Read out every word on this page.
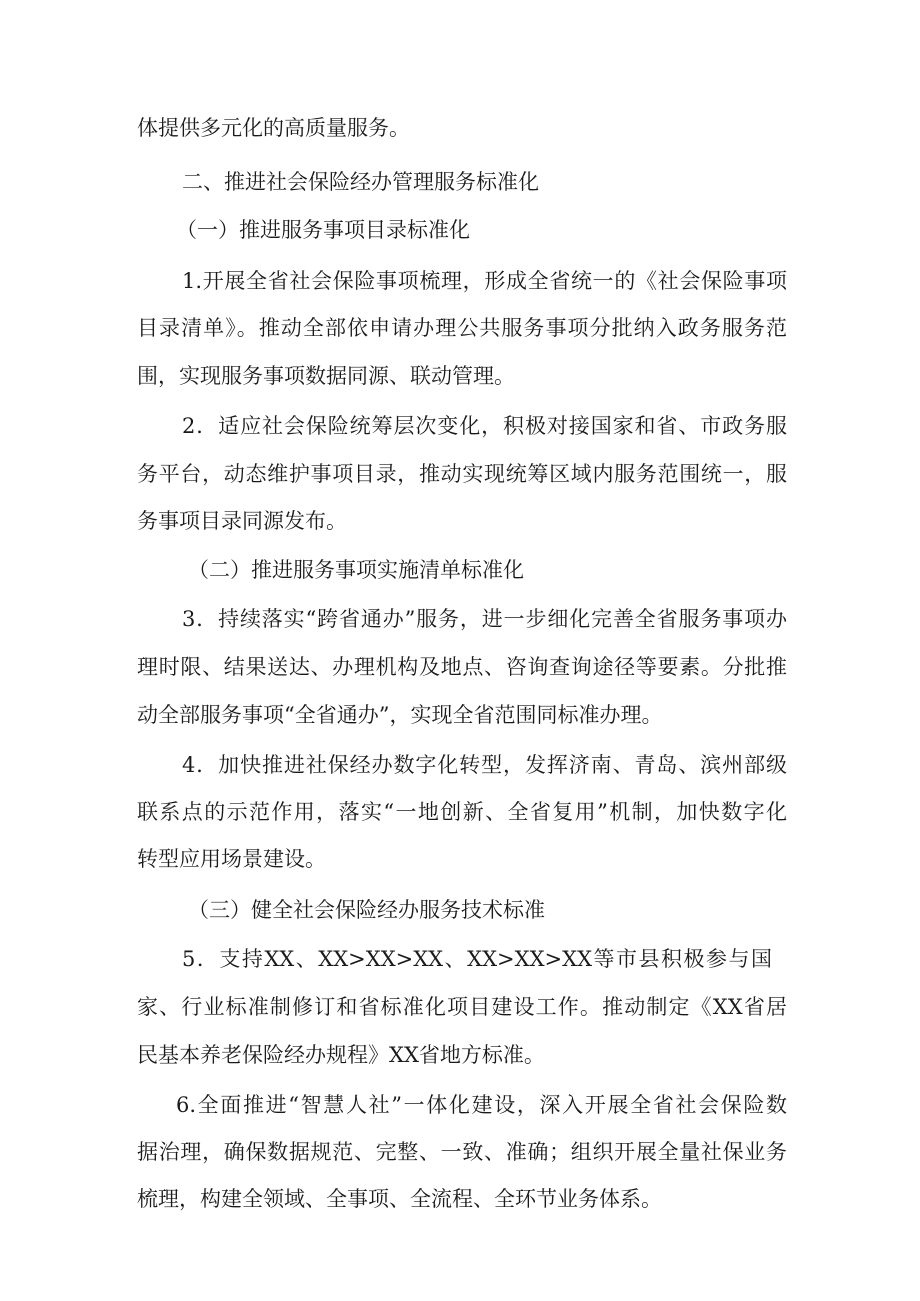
体提供多元化的高质量服务。

二、推进社会保险经办管理服务标准化

（一）推进服务事项目录标准化

1.开展全省社会保险事项梳理，形成全省统一的《社会保险事项

目录清单》。推动全部依申请办理公共服务事项分批纳入政务服务范

围，实现服务事项数据同源、联动管理。

2．适应社会保险统筹层次变化，积极对接国家和省、市政务服

务平台，动态维护事项目录，推动实现统筹区域内服务范围统一，服

务事项目录同源发布。

（二）推进服务事项实施清单标准化

3．持续落实“跨省通办”服务，进一步细化完善全省服务事项办

理时限、结果送达、办理机构及地点、咨询查询途径等要素。分批推

动全部服务事项“全省通办”，实现全省范围同标准办理。

4．加快推进社保经办数字化转型，发挥济南、青岛、滨州部级

联系点的示范作用，落实“一地创新、全省复用”机制，加快数字化

转型应用场景建设。

（三）健全社会保险经办服务技术标准

5．支持XX、XX>XX>XX、XX>XX>XX等市县积极参与国

家、行业标准制修订和省标准化项目建设工作。推动制定《XX省居

民基本养老保险经办规程》XX省地方标准。

6.全面推进“智慧人社”一体化建设，深入开展全省社会保险数

据治理，确保数据规范、完整、一致、准确；组织开展全量社保业务

梳理，构建全领域、全事项、全流程、全环节业务体系。
